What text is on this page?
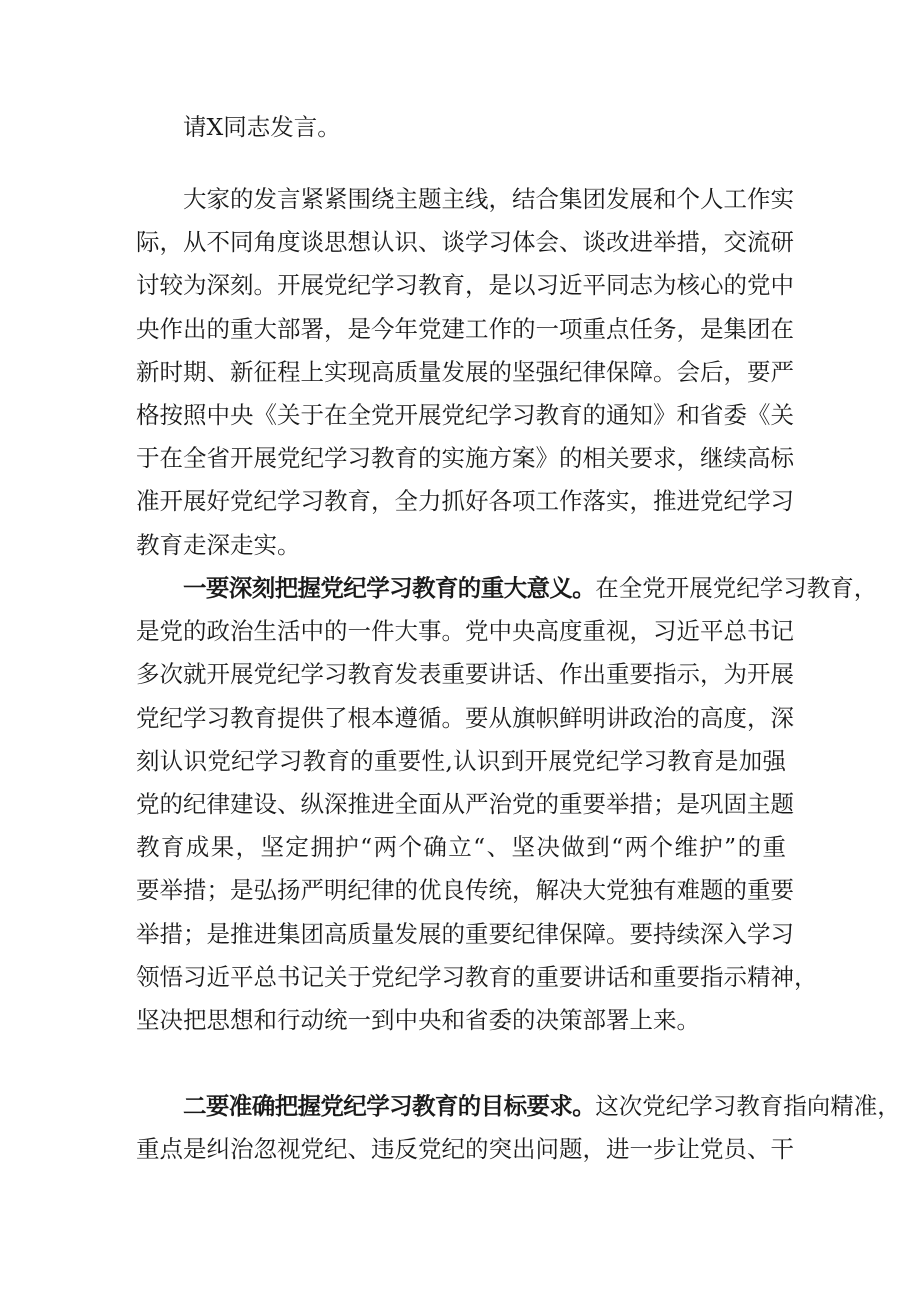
请X同志发言。
大家的发言紧紧围绕主题主线，结合集团发展和个人工作实
际，从不同角度谈思想认识、谈学习体会、谈改进举措，交流研
讨较为深刻。开展党纪学习教育，是以习近平同志为核心的党中
央作出的重大部署，是今年党建工作的一项重点任务，是集团在
新时期、新征程上实现高质量发展的坚强纪律保障。会后，要严
格按照中央《关于在全党开展党纪学习教育的通知》和省委《关
于在全省开展党纪学习教育的实施方案》的相关要求，继续高标
准开展好党纪学习教育，全力抓好各项工作落实，推进党纪学习
教育走深走实。
一要深刻把握党纪学习教育的重大意义。在全党开展党纪学习教育，
是党的政治生活中的一件大事。党中央高度重视，习近平总书记
多次就开展党纪学习教育发表重要讲话、作出重要指示，为开展
党纪学习教育提供了根本遵循。要从旗帜鲜明讲政治的高度，深
刻认识党纪学习教育的重要性,认识到开展党纪学习教育是加强
党的纪律建设、纵深推进全面从严治党的重要举措；是巩固主题
教育成果，坚定拥护“两个确立“、坚决做到“两个维护”的重
要举措；是弘扬严明纪律的优良传统，解决大党独有难题的重要
举措；是推进集团高质量发展的重要纪律保障。要持续深入学习
领悟习近平总书记关于党纪学习教育的重要讲话和重要指示精神，
坚决把思想和行动统一到中央和省委的决策部署上来。
二要准确把握党纪学习教育的目标要求。这次党纪学习教育指向精准，
重点是纠治忽视党纪、违反党纪的突出问题，进一步让党员、干
